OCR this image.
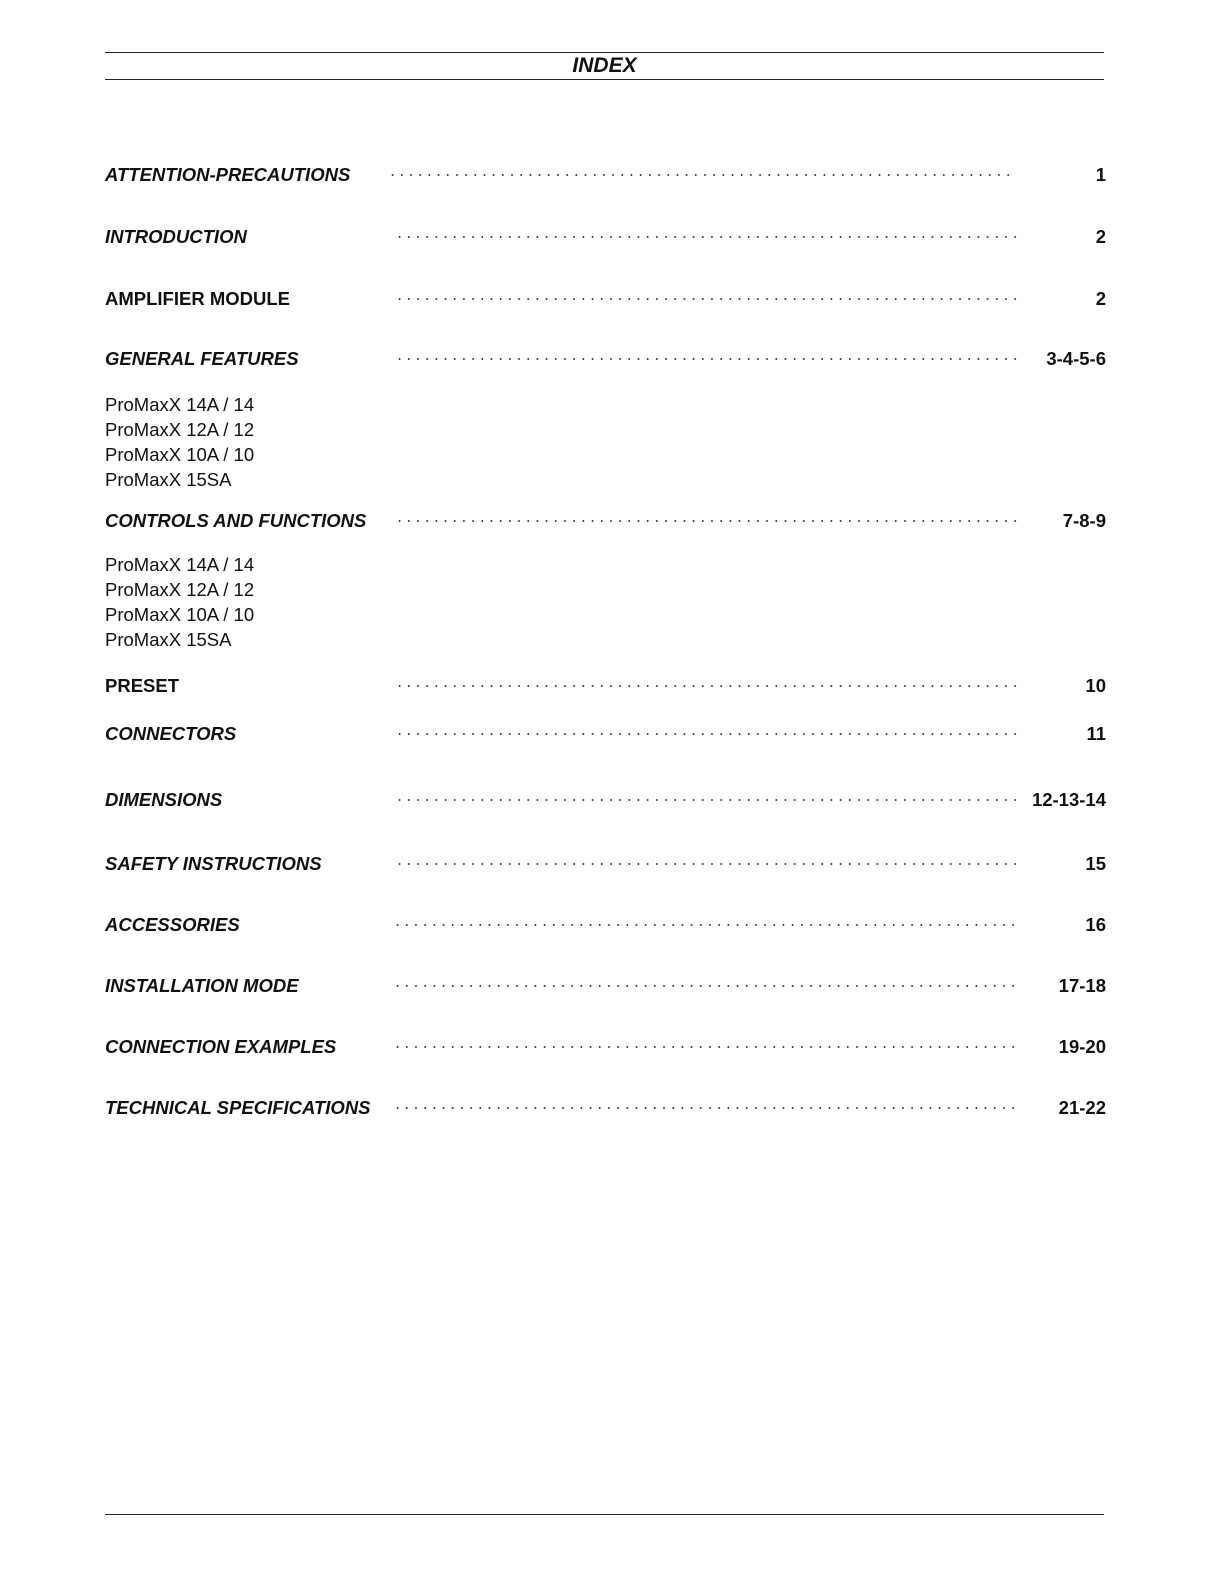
INDEX
ATTENTION-PRECAUTIONS	1
INTRODUCTION	2
AMPLIFIER MODULE	2
GENERAL FEATURES	3-4-5-6
ProMaxX 14A / 14
ProMaxX 12A / 12
ProMaxX 10A / 10
ProMaxX 15SA
CONTROLS AND FUNCTIONS	7-8-9
ProMaxX 14A / 14
ProMaxX 12A / 12
ProMaxX 10A / 10
ProMaxX 15SA
PRESET	10
CONNECTORS	11
DIMENSIONS	12-13-14
SAFETY INSTRUCTIONS	15
ACCESSORIES	16
INSTALLATION MODE	17-18
CONNECTION EXAMPLES	19-20
TECHNICAL SPECIFICATIONS	21-22
